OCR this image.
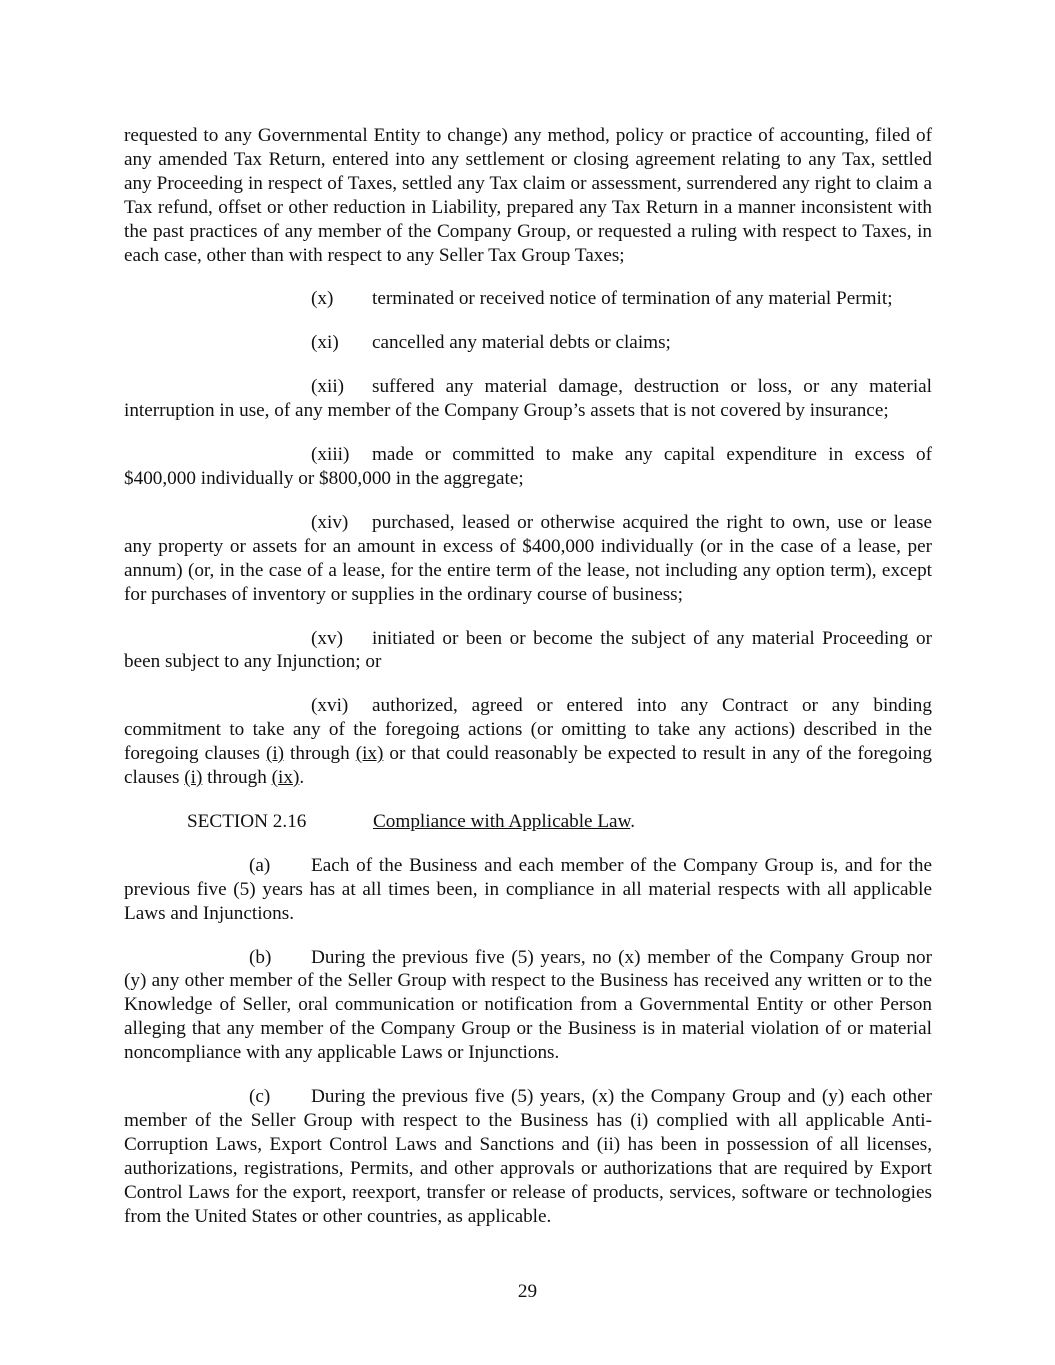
requested to any Governmental Entity to change) any method, policy or practice of accounting, filed of any amended Tax Return, entered into any settlement or closing agreement relating to any Tax, settled any Proceeding in respect of Taxes, settled any Tax claim or assessment, surrendered any right to claim a Tax refund, offset or other reduction in Liability, prepared any Tax Return in a manner inconsistent with the past practices of any member of the Company Group, or requested a ruling with respect to Taxes, in each case, other than with respect to any Seller Tax Group Taxes;

(x) terminated or received notice of termination of any material Permit;

(xi) cancelled any material debts or claims;

(xii) suffered any material damage, destruction or loss, or any material interruption in use, of any member of the Company Group’s assets that is not covered by insurance;

(xiii) made or committed to make any capital expenditure in excess of $400,000 individually or $800,000 in the aggregate;

(xiv) purchased, leased or otherwise acquired the right to own, use or lease any property or assets for an amount in excess of $400,000 individually (or in the case of a lease, per annum) (or, in the case of a lease, for the entire term of the lease, not including any option term), except for purchases of inventory or supplies in the ordinary course of business;

(xv) initiated or been or become the subject of any material Proceeding or been subject to any Injunction; or

(xvi) authorized, agreed or entered into any Contract or any binding commitment to take any of the foregoing actions (or omitting to take any actions) described in the foregoing clauses (i) through (ix) or that could reasonably be expected to result in any of the foregoing clauses (i) through (ix).

SECTION 2.16	Compliance with Applicable Law.

(a) Each of the Business and each member of the Company Group is, and for the previous five (5) years has at all times been, in compliance in all material respects with all applicable Laws and Injunctions.

(b) During the previous five (5) years, no (x) member of the Company Group nor (y) any other member of the Seller Group with respect to the Business has received any written or to the Knowledge of Seller, oral communication or notification from a Governmental Entity or other Person alleging that any member of the Company Group or the Business is in material violation of or material noncompliance with any applicable Laws or Injunctions.

(c) During the previous five (5) years, (x) the Company Group and (y) each other member of the Seller Group with respect to the Business has (i) complied with all applicable Anti-Corruption Laws, Export Control Laws and Sanctions and (ii) has been in possession of all licenses, authorizations, registrations, Permits, and other approvals or authorizations that are required by Export Control Laws for the export, reexport, transfer or release of products, services, software or technologies from the United States or other countries, as applicable.

29
